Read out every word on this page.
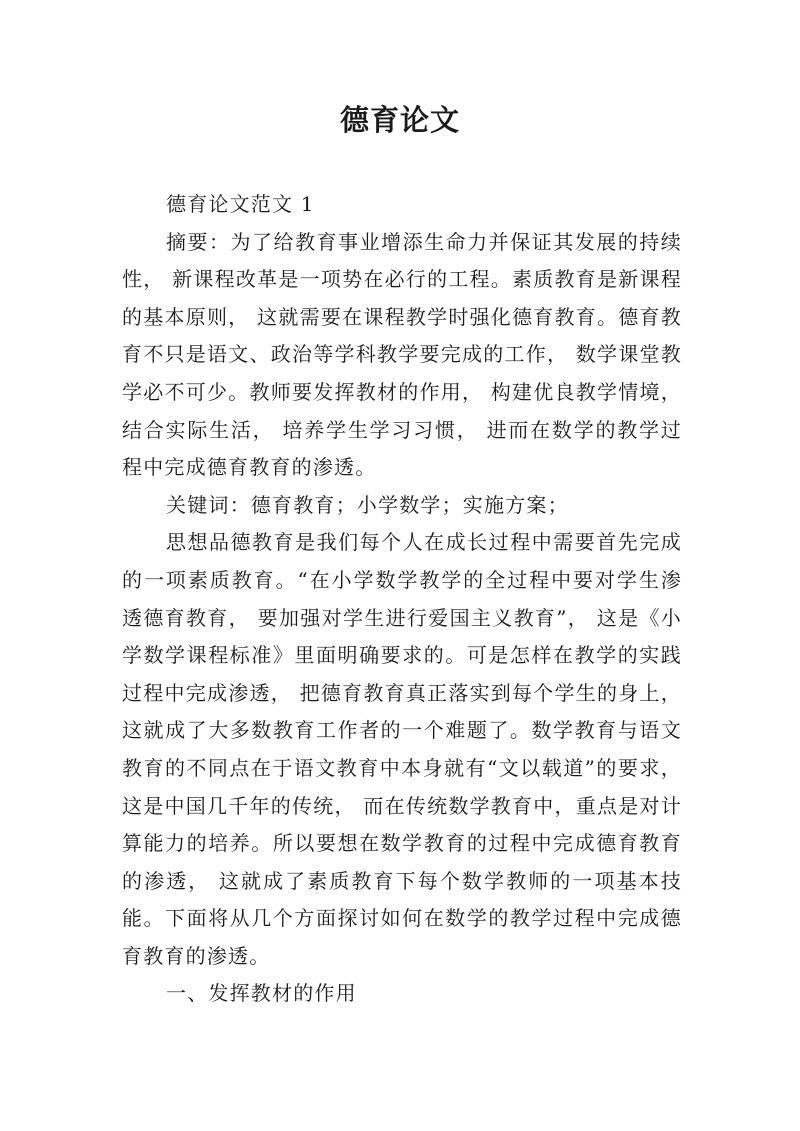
德育论文

德育论文范文 1

摘要：为了给教育事业增添生命力并保证其发展的持续性， 新课程改革是一项势在必行的工程。素质教育是新课程的基本原则， 这就需要在课程教学时强化德育教育。德育教育不只是语文、政治等学科教学要完成的工作， 数学课堂教学必不可少。教师要发挥教材的作用， 构建优良教学情境， 结合实际生活， 培养学生学习习惯， 进而在数学的教学过程中完成德育教育的渗透。

关键词：德育教育；小学数学；实施方案；

思想品德教育是我们每个人在成长过程中需要首先完成的一项素质教育。“在小学数学教学的全过程中要对学生渗透德育教育， 要加强对学生进行爱国主义教育”， 这是《小学数学课程标准》里面明确要求的。可是怎样在教学的实践过程中完成渗透， 把德育教育真正落实到每个学生的身上， 这就成了大多数教育工作者的一个难题了。数学教育与语文教育的不同点在于语文教育中本身就有“文以载道”的要求， 这是中国几千年的传统， 而在传统数学教育中，重点是对计算能力的培养。所以要想在数学教育的过程中完成德育教育的渗透， 这就成了素质教育下每个数学教师的一项基本技能。下面将从几个方面探讨如何在数学的教学过程中完成德育教育的渗透。

一、发挥教材的作用
